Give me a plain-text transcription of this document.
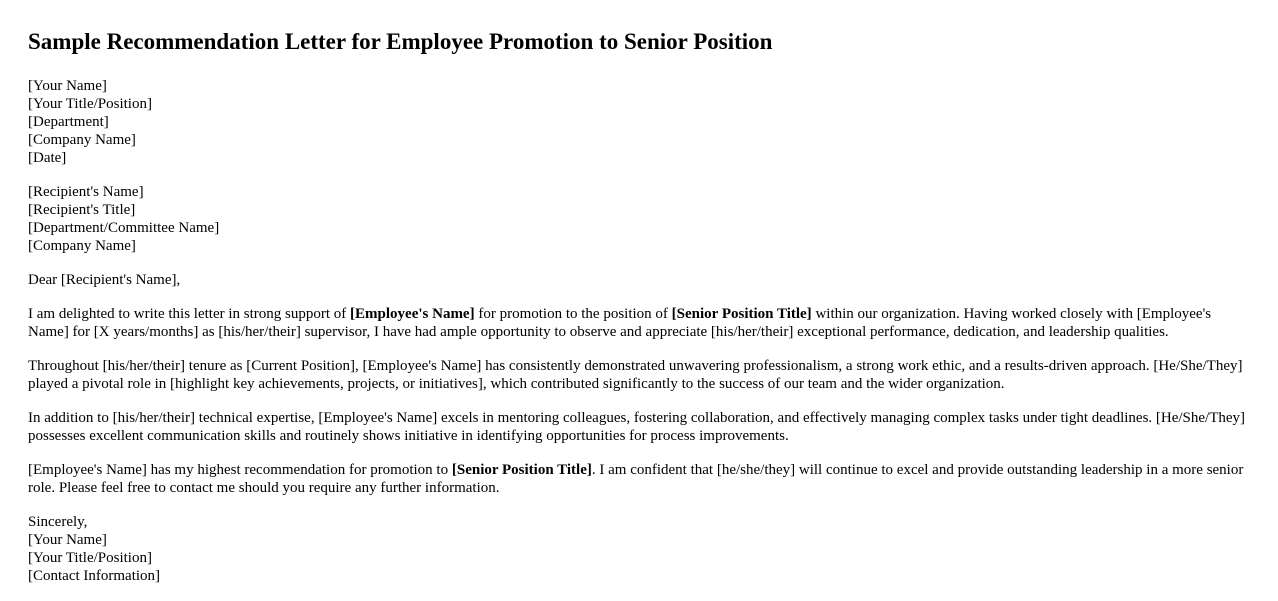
Sample Recommendation Letter for Employee Promotion to Senior Position
[Your Name]
[Your Title/Position]
[Department]
[Company Name]
[Date]
[Recipient's Name]
[Recipient's Title]
[Department/Committee Name]
[Company Name]

Dear [Recipient's Name],

I am delighted to write this letter in strong support of [Employee's Name] for promotion to the position of [Senior Position Title] within our organization. Having worked closely with [Employee's Name] for [X years/months] as [his/her/their] supervisor, I have had ample opportunity to observe and appreciate [his/her/their] exceptional performance, dedication, and leadership qualities.

Throughout [his/her/their] tenure as [Current Position], [Employee's Name] has consistently demonstrated unwavering professionalism, a strong work ethic, and a results-driven approach. [He/She/They] played a pivotal role in [highlight key achievements, projects, or initiatives], which contributed significantly to the success of our team and the wider organization.

In addition to [his/her/their] technical expertise, [Employee's Name] excels in mentoring colleagues, fostering collaboration, and effectively managing complex tasks under tight deadlines. [He/She/They] possesses excellent communication skills and routinely shows initiative in identifying opportunities for process improvements.

[Employee's Name] has my highest recommendation for promotion to [Senior Position Title]. I am confident that [he/she/they] will continue to excel and provide outstanding leadership in a more senior role. Please feel free to contact me should you require any further information.

Sincerely,
[Your Name]
[Your Title/Position]
[Contact Information]
